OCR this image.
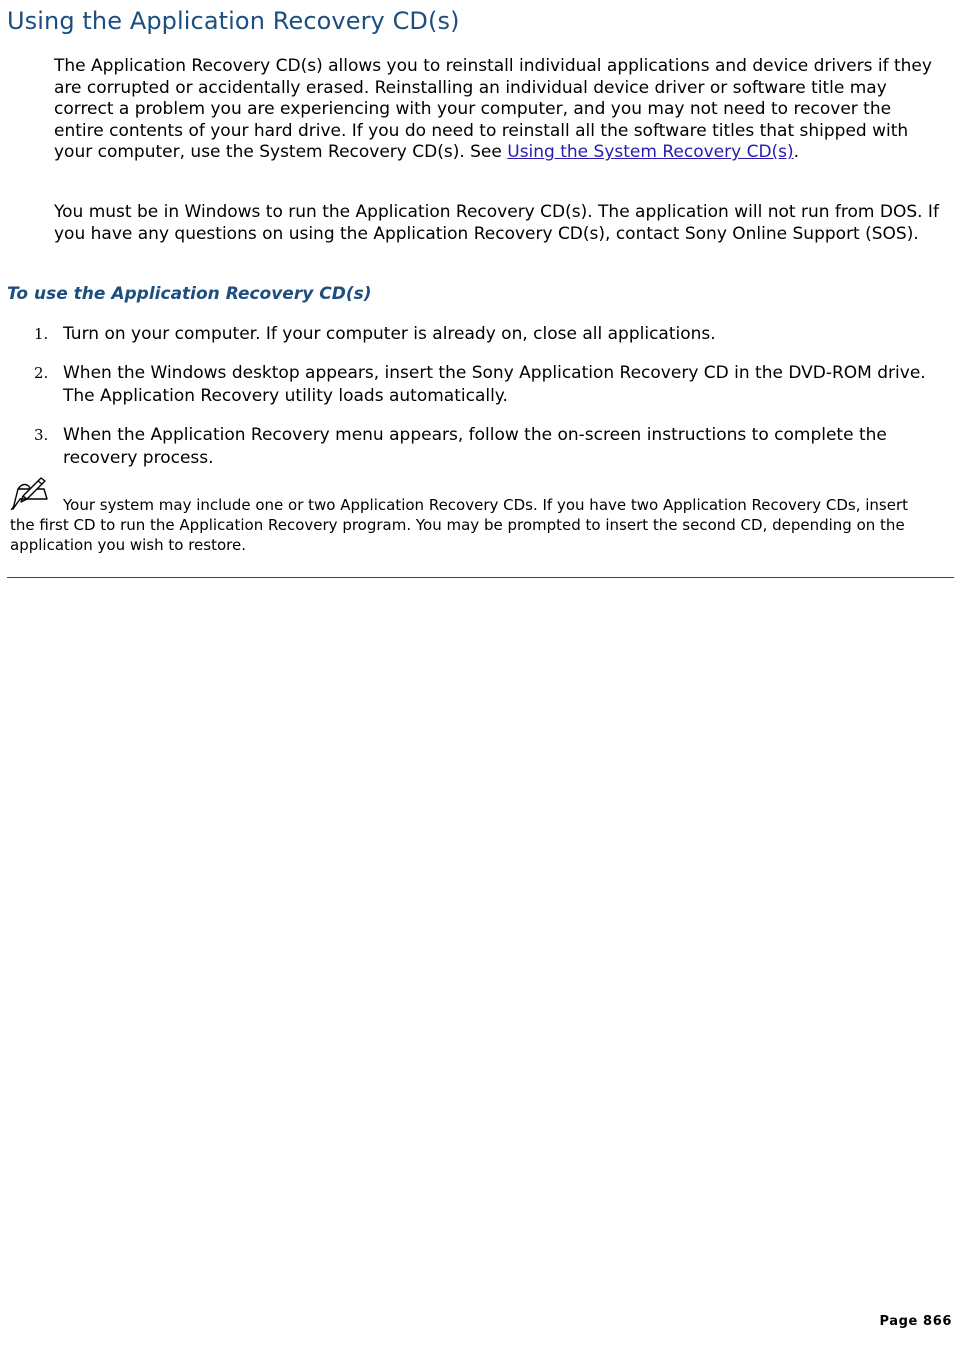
Using the Application Recovery CD(s)

The Application Recovery CD(s) allows you to reinstall individual applications and device drivers if they are corrupted or accidentally erased. Reinstalling an individual device driver or software title may correct a problem you are experiencing with your computer, and you may not need to recover the entire contents of your hard drive. If you do need to reinstall all the software titles that shipped with your computer, use the System Recovery CD(s). See Using the System Recovery CD(s).

You must be in Windows to run the Application Recovery CD(s). The application will not run from DOS. If you have any questions on using the Application Recovery CD(s), contact Sony Online Support (SOS).

To use the Application Recovery CD(s)
1. Turn on your computer. If your computer is already on, close all applications.

2. When the Windows desktop appears, insert the Sony Application Recovery CD in the DVD-ROM drive. The Application Recovery utility loads automatically.

3. When the Application Recovery menu appears, follow the on-screen instructions to complete the recovery process.

Your system may include one or two Application Recovery CDs. If you have two Application Recovery CDs, insert the first CD to run the Application Recovery program. You may be prompted to insert the second CD, depending on the application you wish to restore.

Page 866
